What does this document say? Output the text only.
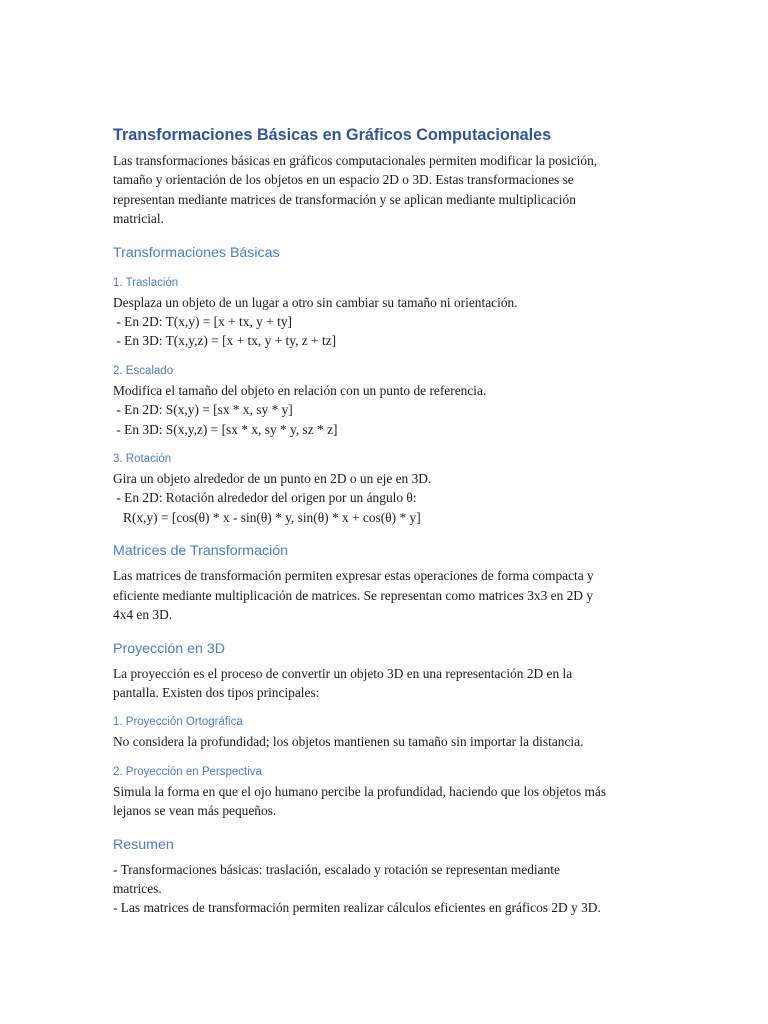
Transformaciones Básicas en Gráficos Computacionales
Las transformaciones básicas en gráficos computacionales permiten modificar la posición,
tamaño y orientación de los objetos en un espacio 2D o 3D. Estas transformaciones se
representan mediante matrices de transformación y se aplican mediante multiplicación
matricial.
Transformaciones Básicas
1. Traslación
Desplaza un objeto de un lugar a otro sin cambiar su tamaño ni orientación.
- En 2D: T(x,y) = [x + tx, y + ty]
- En 3D: T(x,y,z) = [x + tx, y + ty, z + tz]
2. Escalado
Modifica el tamaño del objeto en relación con un punto de referencia.
- En 2D: S(x,y) = [sx * x, sy * y]
- En 3D: S(x,y,z) = [sx * x, sy * y, sz * z]
3. Rotación
Gira un objeto alrededor de un punto en 2D o un eje en 3D.
- En 2D: Rotación alrededor del origen por un ángulo θ:
R(x,y) = [cos(θ) * x - sin(θ) * y, sin(θ) * x + cos(θ) * y]
Matrices de Transformación
Las matrices de transformación permiten expresar estas operaciones de forma compacta y
eficiente mediante multiplicación de matrices. Se representan como matrices 3x3 en 2D y
4x4 en 3D.
Proyección en 3D
La proyección es el proceso de convertir un objeto 3D en una representación 2D en la
pantalla. Existen dos tipos principales:
1. Proyección Ortográfica
No considera la profundidad; los objetos mantienen su tamaño sin importar la distancia.
2. Proyección en Perspectiva
Simula la forma en que el ojo humano percibe la profundidad, haciendo que los objetos más
lejanos se vean más pequeños.
Resumen
- Transformaciones básicas: traslación, escalado y rotación se representan mediante
matrices.
- Las matrices de transformación permiten realizar cálculos eficientes en gráficos 2D y 3D.
